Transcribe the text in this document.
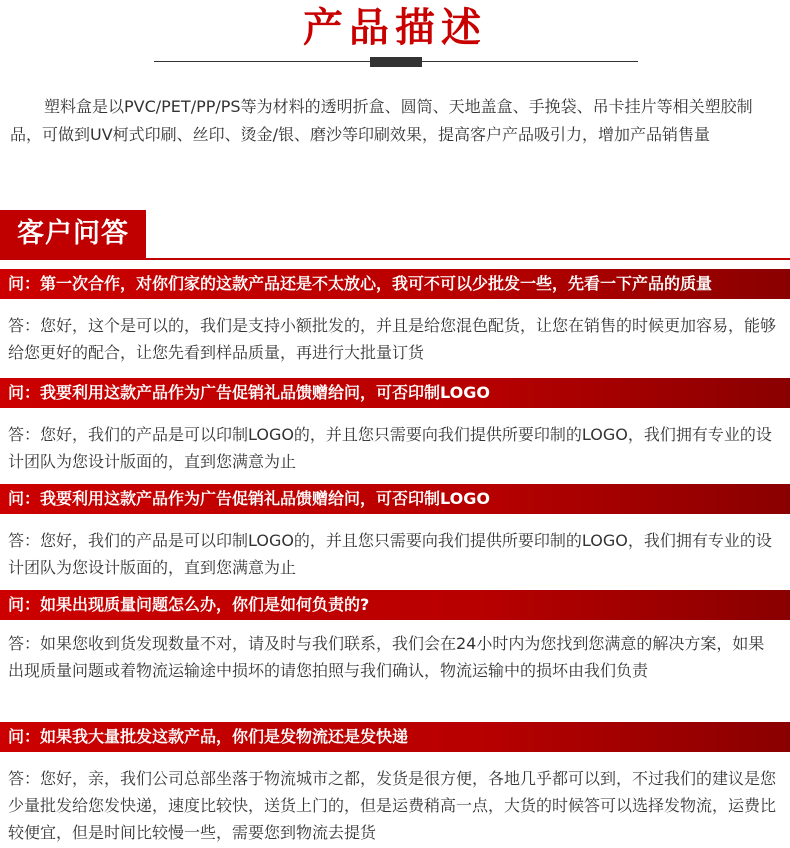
产品描述
塑料盒是以PVC/PET/PP/PS等为材料的透明折盒、圆筒、天地盖盒、手挽袋、吊卡挂片等相关塑胶制品，可做到UV柯式印刷、丝印、烫金/银、磨沙等印刷效果，提高客户产品吸引力，增加产品销售量
客户问答
问：第一次合作，对你们家的这款产品还是不太放心，我可不可以少批发一些，先看一下产品的质量
答：您好，这个是可以的，我们是支持小额批发的，并且是给您混色配货，让您在销售的时候更加容易，能够给您更好的配合，让您先看到样品质量，再进行大批量订货
问：我要利用这款产品作为广告促销礼品馈赠给问，可否印制LOGO
答：您好，我们的产品是可以印制LOGO的，并且您只需要向我们提供所要印制的LOGO，我们拥有专业的设计团队为您设计版面的，直到您满意为止
问：我要利用这款产品作为广告促销礼品馈赠给问，可否印制LOGO
答：您好，我们的产品是可以印制LOGO的，并且您只需要向我们提供所要印制的LOGO，我们拥有专业的设计团队为您设计版面的，直到您满意为止
问：如果出现质量问题怎么办，你们是如何负责的?
答：如果您收到货发现数量不对，请及时与我们联系，我们会在24小时内为您找到您满意的解决方案，如果出现质量问题或着物流运输途中损坏的请您拍照与我们确认，物流运输中的损坏由我们负责
问：如果我大量批发这款产品，你们是发物流还是发快递
答：您好，亲，我们公司总部坐落于物流城市之都，发货是很方便，各地几乎都可以到，不过我们的建议是您少量批发给您发快递，速度比较快，送货上门的，但是运费稍高一点，大货的时候答可以选择发物流，运费比较便宜，但是时间比较慢一些，需要您到物流去提货
